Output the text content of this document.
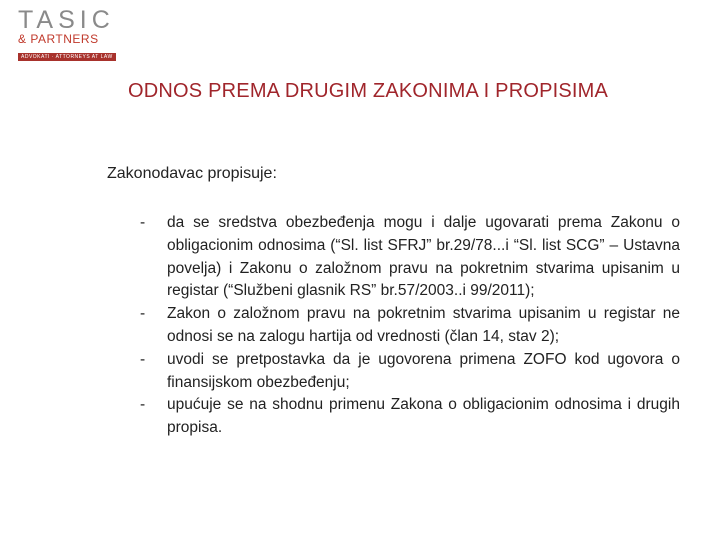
TASIC
& PARTNERS
ADVOKATI · ATTORNEYS AT LAW
ODNOS PREMA DRUGIM ZAKONIMA I PROPISIMA
Zakonodavac propisuje:
- da se sredstva obezbeđenja mogu i dalje ugovarati prema Zakonu o obligacionim odnosima (“Sl. list SFRJ” br.29/78...i “Sl. list SCG” – Ustavna povelja) i Zakonu o založnom pravu na pokretnim stvarima upisanim u registar (“Službeni glasnik RS” br.57/2003..i 99/2011);
- Zakon o založnom pravu na pokretnim stvarima upisanim u registar ne odnosi se na zalogu hartija od vrednosti (član 14, stav 2);
- uvodi se pretpostavka da je ugovorena primena ZOFO kod ugovora o finansijskom obezbeđenju;
- upućuje se na shodnu primenu Zakona o obligacionim odnosima i drugih propisa.
